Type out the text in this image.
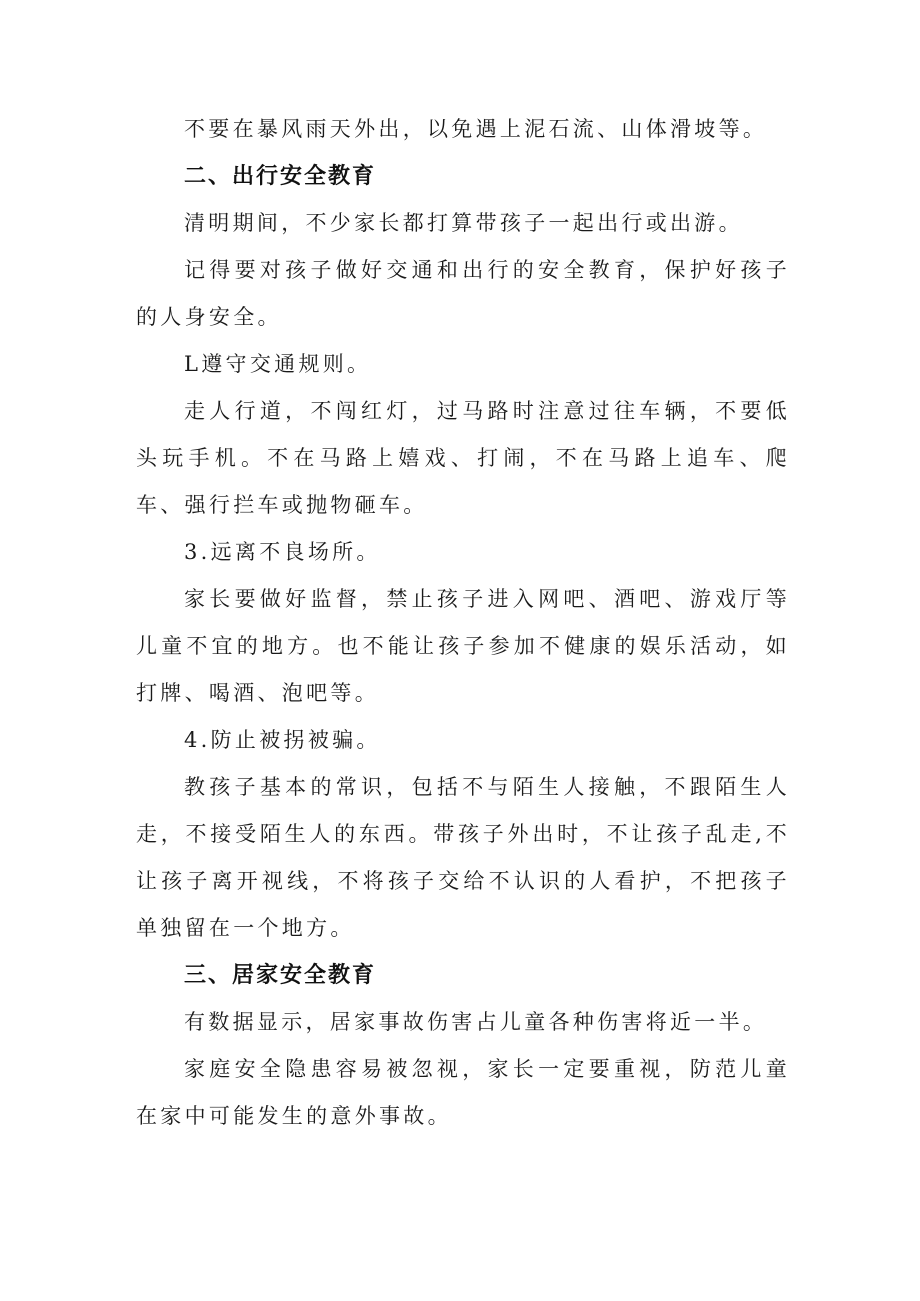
不要在暴风雨天外出，以免遇上泥石流、山体滑坡等。

二、出行安全教育

清明期间，不少家长都打算带孩子一起出行或出游。

记得要对孩子做好交通和出行的安全教育，保护好孩子的人身安全。

L遵守交通规则。

走人行道，不闯红灯，过马路时注意过往车辆，不要低头玩手机。不在马路上嬉戏、打闹，不在马路上追车、爬车、强行拦车或抛物砸车。

3.远离不良场所。

家长要做好监督，禁止孩子进入网吧、酒吧、游戏厅等儿童不宜的地方。也不能让孩子参加不健康的娱乐活动，如打牌、喝酒、泡吧等。

4.防止被拐被骗。

教孩子基本的常识，包括不与陌生人接触，不跟陌生人走，不接受陌生人的东西。带孩子外出时，不让孩子乱走,不让孩子离开视线，不将孩子交给不认识的人看护，不把孩子单独留在一个地方。

三、居家安全教育

有数据显示，居家事故伤害占儿童各种伤害将近一半。

家庭安全隐患容易被忽视，家长一定要重视，防范儿童在家中可能发生的意外事故。
